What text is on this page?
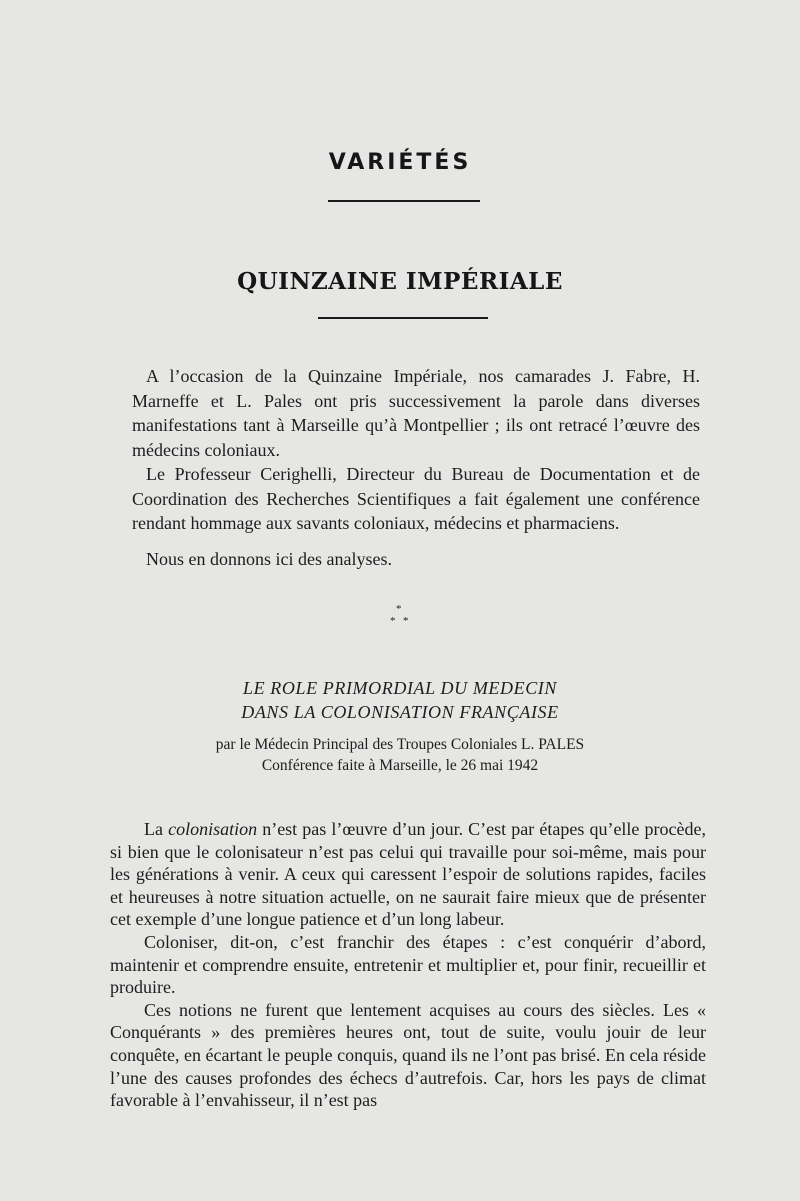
VARIÉTÉS
QUINZAINE IMPÉRIALE

A l’occasion de la Quinzaine Impériale, nos camarades J. Fabre, H. Marneffe et L. Pales ont pris successivement la parole dans diverses manifestations tant à Marseille qu’à Montpellier ; ils ont retracé l’œuvre des médecins coloniaux.

Le Professeur Cerighelli, Directeur du Bureau de Documentation et de Coordination des Recherches Scientifiques a fait également une conférence rendant hommage aux savants coloniaux, médecins et pharmaciens.

Nous en donnons ici des analyses.

*
* *
LE ROLE PRIMORDIAL DU MEDECIN
DANS LA COLONISATION FRANÇAISE
par le Médecin Principal des Troupes Coloniales L. PALES
Conférence faite à Marseille, le 26 mai 1942

La colonisation n’est pas l’œuvre d’un jour. C’est par étapes qu’elle procède, si bien que le colonisateur n’est pas celui qui travaille pour soi-même, mais pour les générations à venir. A ceux qui caressent l’espoir de solutions rapides, faciles et heureuses à notre situation actuelle, on ne saurait faire mieux que de présenter cet exemple d’une longue patience et d’un long labeur.

Coloniser, dit-on, c’est franchir des étapes : c’est conquérir d’abord, maintenir et comprendre ensuite, entretenir et multiplier et, pour finir, recueillir et produire.

Ces notions ne furent que lentement acquises au cours des siècles. Les « Conquérants » des premières heures ont, tout de suite, voulu jouir de leur conquête, en écartant le peuple conquis, quand ils ne l’ont pas brisé. En cela réside l’une des causes profondes des échecs d’autrefois. Car, hors les pays de climat favorable à l’envahisseur, il n’est pas
